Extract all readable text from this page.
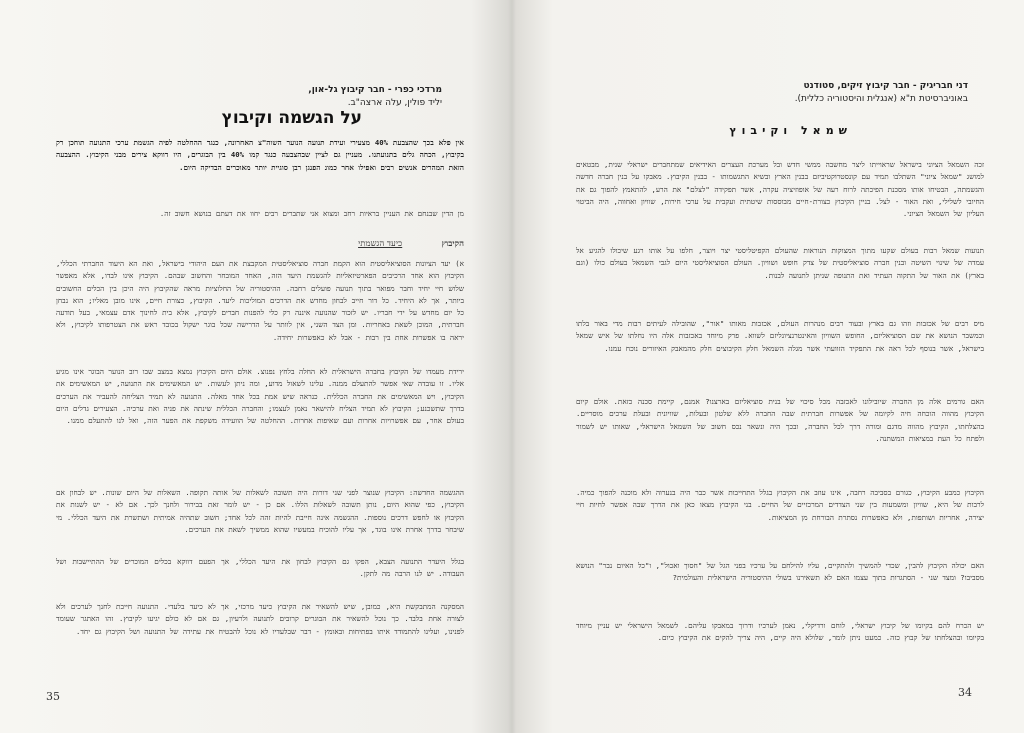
מרדכי כפרי - חבר קיבוץ גל-און,
יליד פולין, עלה ארצה"ב.
על הגשמה וקיבוץ
אין פלא בכך שהצבעת 40% מצעירי ועידת תנועה הנוער השוה"צ האחרונה, כנגד ההחלטה לפיה הגשמת ערכי התנועה תוחכן רק בקיבוץ, הכחה גלים בתנועתנו. מעניין גם לציין שבהצבעה כנגד קמו 40% בין הבוגרים, היו דווקא צירים מבני הקיבוץ. ההצבעה הזאת המהרים אנשים רבים ואפילו אחר כמונ הפנגן רבן סוגיית יותר מאוכרים הבדיקה היום.
מן הדין שבנחם את העניין בראיות רחב ומצוא אני שתברים רבים יחוו את דעתם בנושא חשוב זה.
הקיבוץ  כיעד הגשמתי
א) יעד הציונות הסוציאליסטית הוא הקמת חברה סוציאליסטית המקבצת את העם היהודי בישראל, ואת הא היעוד החברתי הכללי, הקיבוץ הוא אחד הרכיבים הפארטיזאליות להגשמת היעד הזה, האחד המובחר והחשוב שבהם. הקיבוץ אינו לבדו, אלא מאפשר שלוש חיי יחיד וחבר מפואר בתוך תנועה פועלים רחבה. ההיסטוריה של החלוציות מראה שהקיבוץ היה היכן בין הכלים החשובים ביותר, אך לא היחיד. כל דור חייב לבחון מחדש את הדרכים המוליכות ליעד. הקיבוץ, כצורת חיים, אינו מובן מאליו; הוא נבחן כל יום מחדש על ידי חבריו. יש לזכור שהנועה איננה רק כלי להפנות חברים לקיבוץ, אלא בית לחינוך אדם עצמאי, בעל תודעה חברתית, המוכן לשאת באחריות. ומן הצד השני, אין לוותר על הדרישה שכל בוגר ישקול בכובד ראש את הצטרפותו לקיבוץ, ולא יראה בו אפשרות אחת בין רבות - אבל לא כאפשרות יחידה.
ירידת מעמדו של הקיבוץ בחברה הישראלית לא החלה בלחץ נפנוצ. אולם היום הקיבוץ נמצא במצב שבו רוב הנוער הבוגר אינו מגיע אליו. זו עובדה שאי אפשר להתעלם ממנה. עלינו לשאול מדוע, ומה ניתן לעשות. יש המאשימים את התנועה, יש המאשימים את הקיבוץ, ויש המאשימים את החברה הכללית. כנראה שיש אמת בכל אחד מאלה. התנועה לא תמיד הצליחה להעביר את הערכים בדרך שתשכנע; הקיבוץ לא תמיד הצליח להישאר נאמן לעצמו; והחברה הכללית שינתה את פניה ואת ערכיה. הצעירים גדלים היום בעולם אחר, עם אפשרויות אחרות ועם שאיפות אחרות. ההחלטה של הוועידה משקפת את הפער הזה, ואל לנו להתעלם ממנו.
ההגשמה החדשה: הקיבוץ שנוצר לפני שני דורות היה תשובה לשאלות של אותה תקופה. השאלות של היום שונות. יש לבחון אם הקיבוץ, כפי שהוא היום, נותן תשובה לשאלות הללו. אם כן - יש לומר זאת בבירור ולחנך לכך. אם לא - יש לשנות את הקיבוץ או לחפש דרכים נוספות. ההגשמה אינה חייבת להיות זהה לכל אחד; חשוב שתהיה אמיתית ושתשרת את היעד הכללי. מי שיבחר בדרך אחרת אינו בוגד, אך עליו להוכיח במעשיו שהוא ממשיך לשאת את הערכים.
בגלל היעדר התנועה הצבא, הפקו גם הקיבוץ לבחון את היעד הכללי, אך הפעם דווקא בכלים המוכרים של ההתיישבות ושל העבודה. יש לנו הרבה מה לתקן.
המסקנה המתבקשת היא, כמובן, שיש להשאיר את הקיבוץ כיעד מרכזי, אך לא כיעד בלעדי. התנועה חייבת לחנך לערכים ולא לצורה אחת בלבד. כך נוכל להשאיר את הבוגרים קרובים לתנועה ולרעיון, גם אם לא כולם יגיעו לקיבוץ. זהו האתגר שעומד לפנינו, ועלינו להתמודד איתו בפתיחות ובאומץ - דבר שבלעדיו לא נוכל להבטיח את עתידה של התנועה ושל הקיבוץ גם יחד.
35
דני חבריגיק - חבר קיבוץ זיקים, סטודנט
באוניברסיטת ת"א (אנגלית והיסטוריה כללית).
שמאל וקיבוץ
זכה השמאל הציוני בישראל שראוייתו ליצר מחשבה ממשי חדש ובל מערכת העצרים האידיאים שמתחברים ישראלי שנית, מבטאים למושג "שמאל ציוני" השתלבו תמיד עם קונסטרוקטיביזם בבנין הארץ ובשיא התגשמותו - בבנין הקיבוץ. מאבקו על בנין חברה חדשה והגשמתה, הבטיחו אותו מסכנת הפיכתה לרוח רעה של אופוזיציה עקרה, אשר תפקידה "לצלם" את הרע, להתאמץ להפוך גם את החיובי לשלילי, ואת האור - לצל. בניין הקיבוץ כצורת-חיים מבוססות שיטתית ועקבית על ערכי חירות, שוויון ואחווה, היה הביטוי העליון של השמאל הציוני.
תנועות שמאל רבות בעולם שקעו מתוך המצוקות הנוראות שהעולם הקפיטליסטי יצר ויוצר, חלפו על אותו רגע שיכולו להגיע אל עמדה של שינוי השיטה ובנין חברה סוציאליסטית של צדק חופש ושוויון. העולם הסוציאליסטי היום לגבי השמאל בעולם כולו (וגם בארץ) את האור של התקוה העתיד ואת התנופה שניתן לתנועה לבנות.
מיס רבים של אכזבות וזהו גם בארץ ובעוד רבים מנהרות העולם, אכזבות מאותו "אור", שהובילה לעיתים רבות מדי באור בלתו וכמשבר הנושא את שם הסוציאליזם, החופש השוויון והאינטרנציונליזם לשווא. פרק מיוחד באכזבות אלה היו נחלתו של איש שמאל בישראל, אשר בנוסף לכל ראה את התפקיד הזוועתי אשר מגלה השמאל חלק הקיבוצים חלק מהמאבק האיזורים נוכח עמנו.
האם גורמים אלה מן החברה שיובילונו לאכזבה מכל סיכוי של בנית סוציאליזם בארצנו? אמנם, קיימת סכנה כזאת. אולם קיום הקיבוץ מהווה הוכחה חיה לקיומה של אפשרות חברתית שבה החברה ללא שלטון ובעלות, שוויונית ובעלת ערכים מוסריים. בהצלחתו, הקיבוץ מהווה מדגם ומורה דרך לכל החברה, ובכך היה ונשאר נכס חשוב של השמאל הישראלי, שאותו יש לשמור ולפתח כל העת במציאות המשתנה.
הקיבוץ כמבע הקיבוץ, כגורם בסביבה רחבה, אינו עוזב את הקיבוץ בגלל התחייבות אשר כבר היה בנערוה ולא מוכנה להפוך כמיה. לרבות של היא, שוויון ומשמעות בין שני הצדדים המרכזיים של החיים. בני הקיבוץ מצאו כאן את הדרך שבה אפשר לחיות חיי יצירה, אחריות ושותפות, ולא כאפשרות נסתרת הבורחת מן המציאות.
האם יכולה הקיבוץ להבין, שכדי להמשיך ולהתקיים, עליו להילחם על ערכיו בפני הגל של "חסוך ואכול", ו"כל האיום נבר" הנושא מסביבו? ומצד שני - הסתגרות בתוך עצמו האם לא תשאירנו בשולי ההיסטוריה הישראלית והעולמית?
יש הכרח להם בקיומו של קיבוץ ישראלי, לוחם ורדיקלי, נאמן לערכיו ודרוך במאבקו עליהם. לשמאל הישראלי יש עניין מיוחד בקיומו ובהצלחתו של קבוץ כזה. כמעט ניתן לומר, שלולא היה קיים, היה צריך להקים את הקיבוץ כיום.
34
